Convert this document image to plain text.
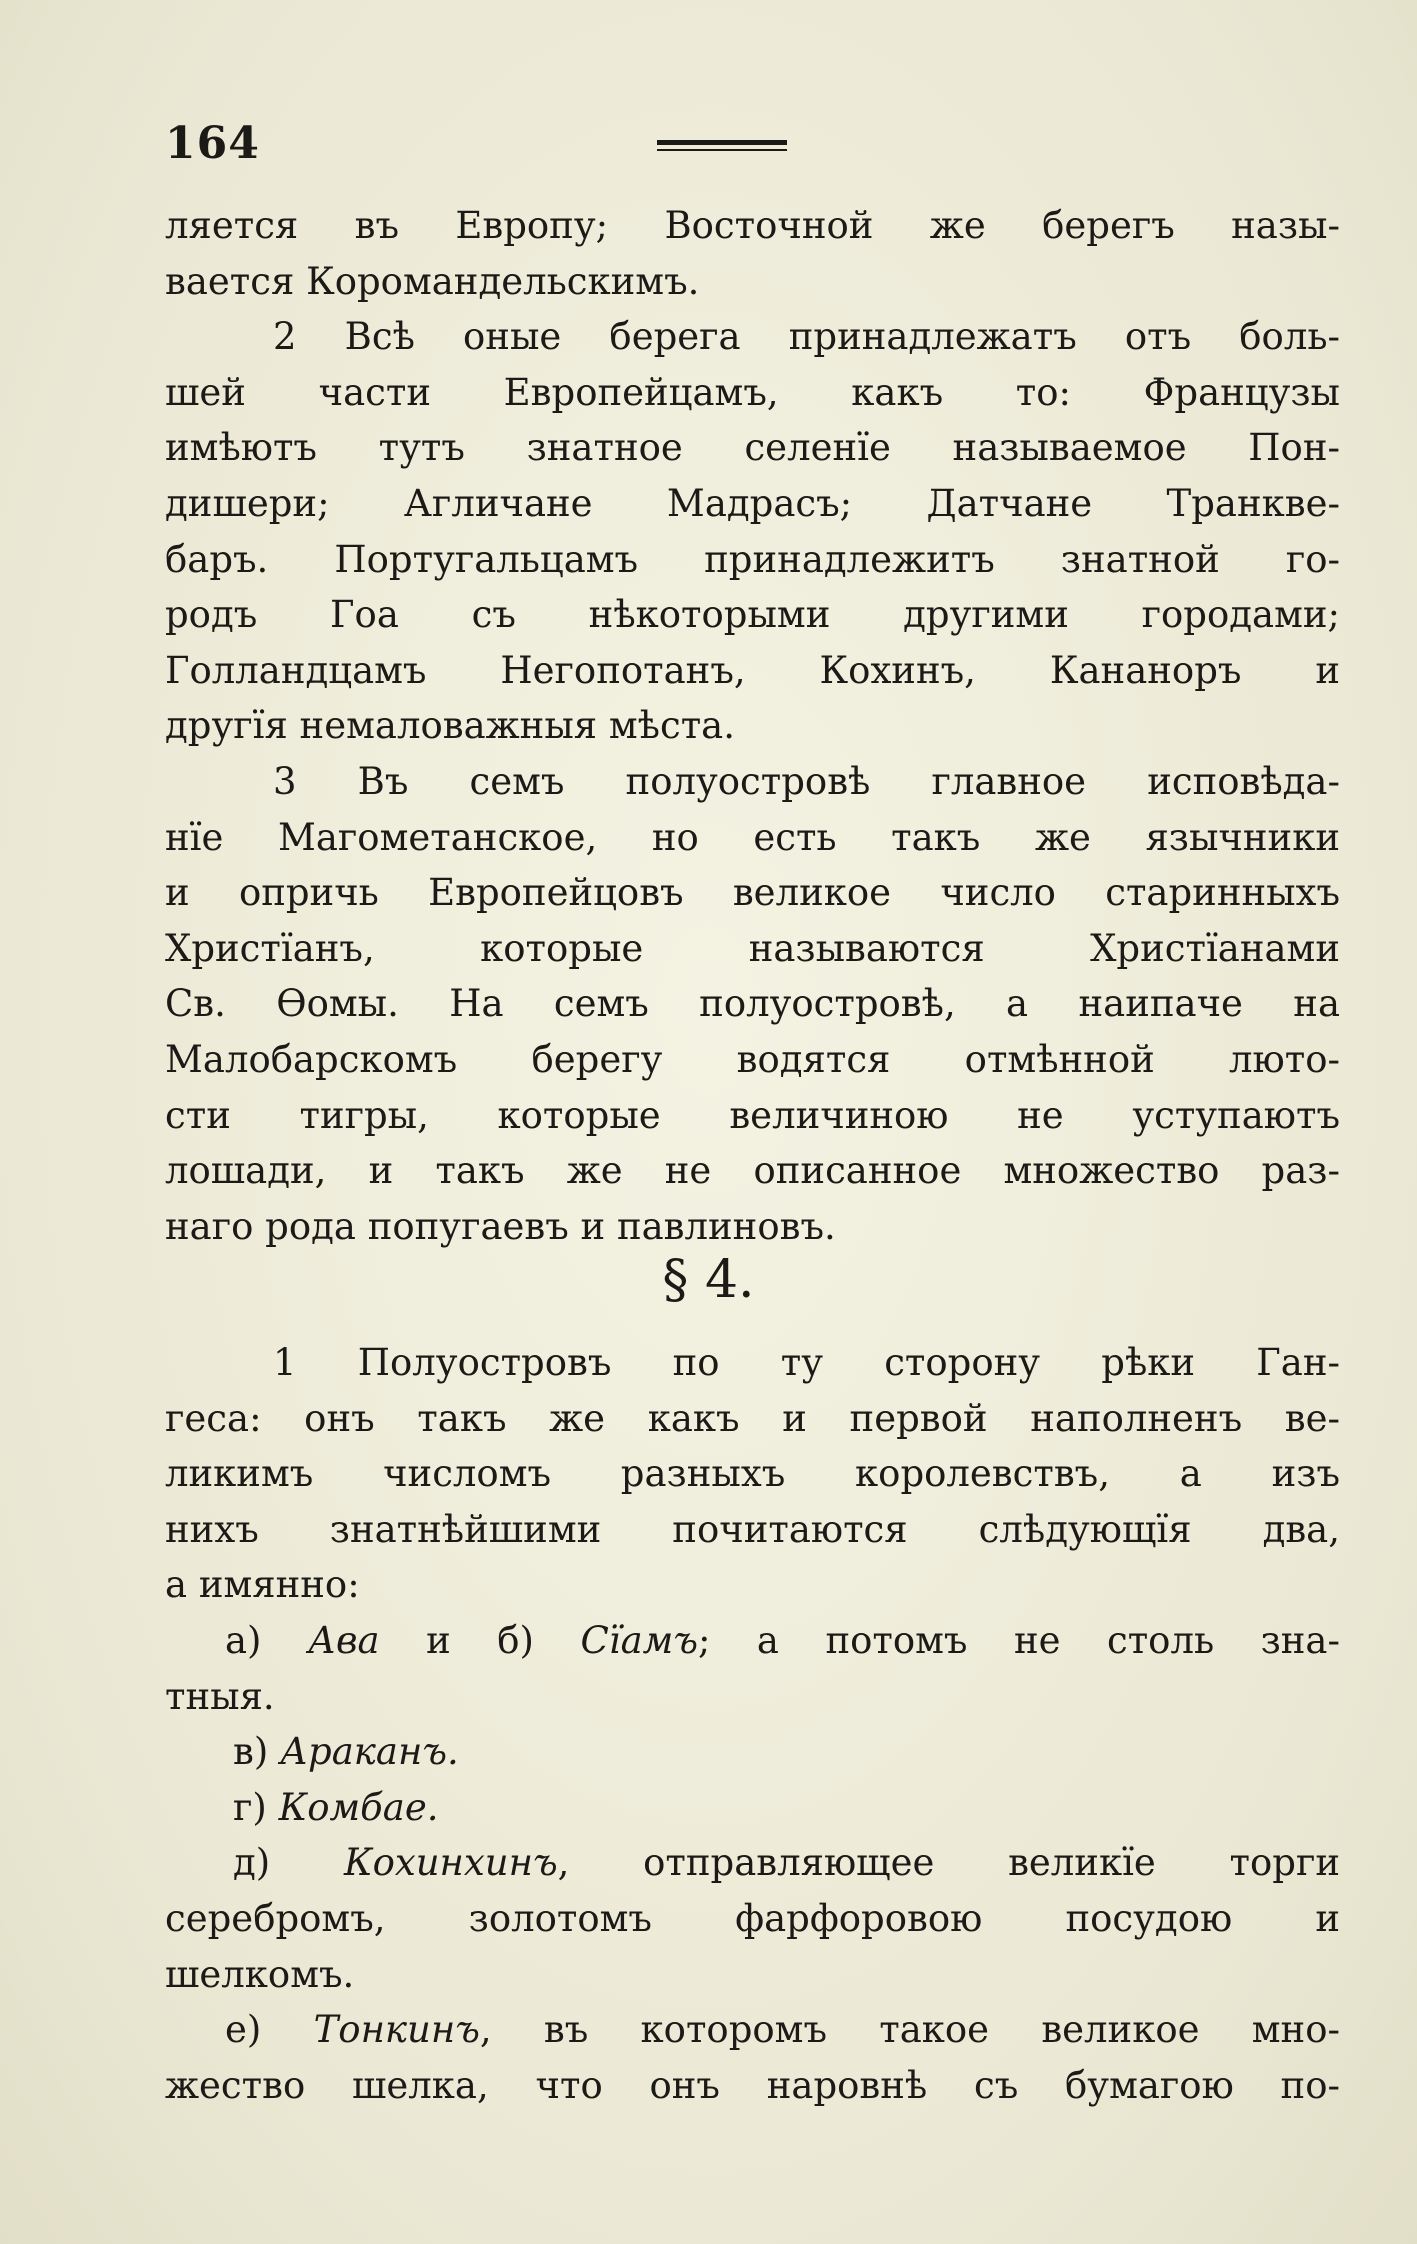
164
ляется въ Европу; Восточной же берегъ назы-
вается Коромандельскимъ.
2 Всѣ оные берега принадлежатъ отъ боль-
шей части Европейцамъ, какъ то: Французы
имѣютъ тутъ знатное селенїе называемое Пон-
дишери; Агличане Мадрасъ; Датчане Транкве-
баръ. Португальцамъ принадлежитъ знатной го-
родъ Гоа съ нѣкоторыми другими городами;
Голландцамъ Негопотанъ, Кохинъ, Кананоръ и
другїя немаловажныя мѣста.
3 Въ семъ полуостровѣ главное исповѣда-
нїе Магометанское, но есть такъ же язычники
и опричь Европейцовъ великое число старинныхъ
Христїанъ, которые называются Христїанами
Св. Ѳомы. На семъ полуостровѣ, а наипаче на
Малобарскомъ берегу водятся отмѣнной люто-
сти тигры, которые величиною не уступаютъ
лошади, и такъ же не описанное множество раз-
наго рода попугаевъ и павлиновъ.
§ 4.
1 Полуостровъ по ту сторону рѣки Ган-
геса: онъ такъ же какъ и первой наполненъ ве-
ликимъ числомъ разныхъ королевствъ, а изъ
нихъ знатнѣйшими почитаются слѣдующїя два,
а имянно:
а) Ава и б) Сїамъ; а потомъ не столь зна-
тныя.
в) Араканъ.
г) Комбае.
д) Кохинхинъ, отправляющее великїе торги
серебромъ, золотомъ фарфоровою посудою и
шелкомъ.
е) Тонкинъ, въ которомъ такое великое мно-
жество шелка, что онъ наровнѣ съ бумагою по-
